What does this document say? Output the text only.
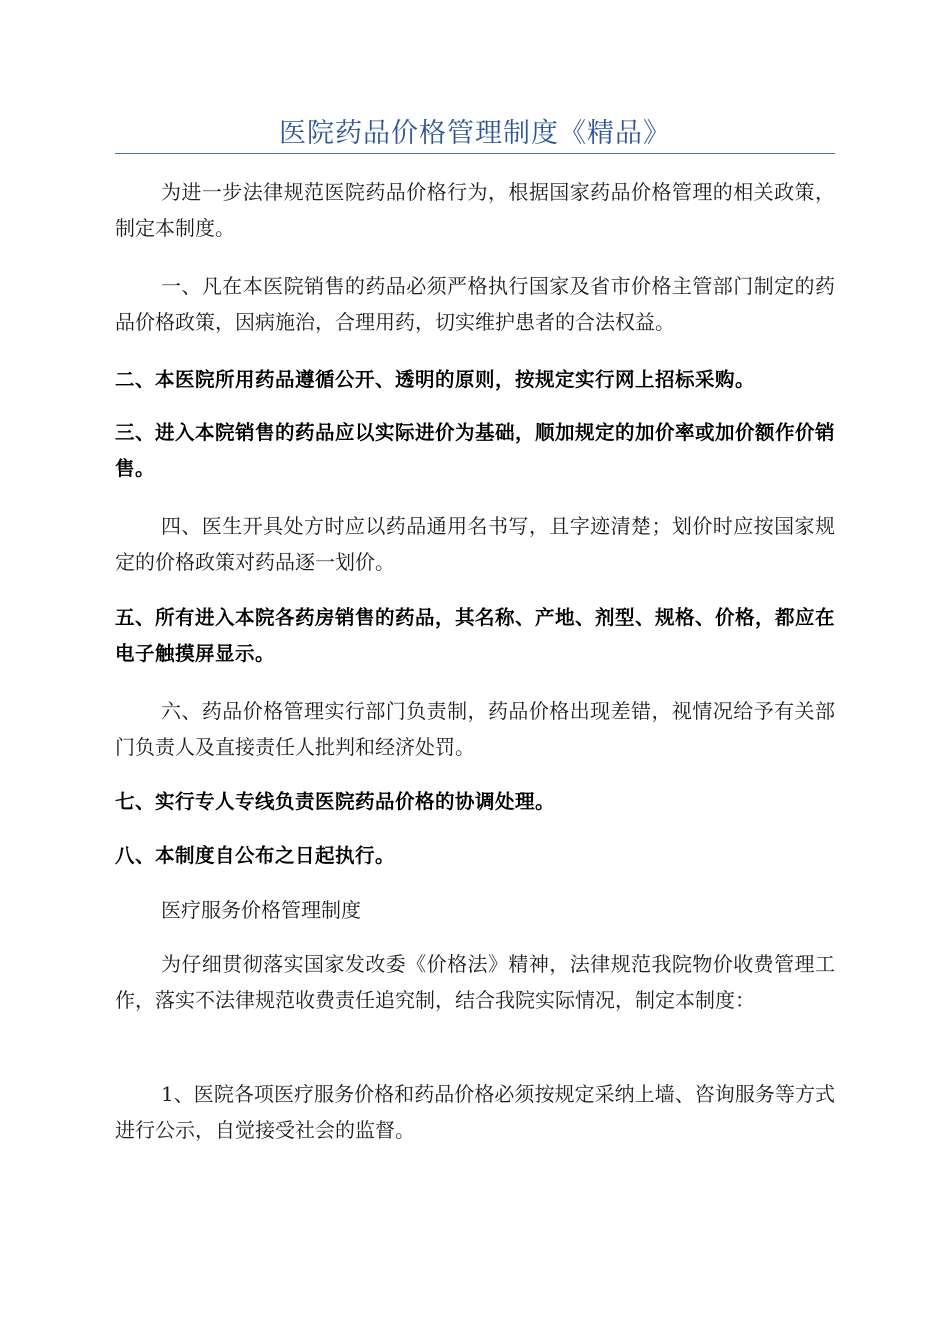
医院药品价格管理制度《精品》

为进一步法律规范医院药品价格行为，根据国家药品价格管理的相关政策，制定本制度。

一、凡在本医院销售的药品必须严格执行国家及省市价格主管部门制定的药品价格政策，因病施治，合理用药，切实维护患者的合法权益。

二、本医院所用药品遵循公开、透明的原则，按规定实行网上招标采购。

三、进入本院销售的药品应以实际进价为基础，顺加规定的加价率或加价额作价销售。

四、医生开具处方时应以药品通用名书写，且字迹清楚；划价时应按国家规定的价格政策对药品逐一划价。

五、所有进入本院各药房销售的药品，其名称、产地、剂型、规格、价格，都应在电子触摸屏显示。

六、药品价格管理实行部门负责制，药品价格出现差错，视情况给予有关部门负责人及直接责任人批判和经济处罚。

七、实行专人专线负责医院药品价格的协调处理。

八、本制度自公布之日起执行。

医疗服务价格管理制度

为仔细贯彻落实国家发改委《价格法》精神，法律规范我院物价收费管理工作，落实不法律规范收费责任追究制，结合我院实际情况，制定本制度：

1、医院各项医疗服务价格和药品价格必须按规定采纳上墙、咨询服务等方式进行公示，自觉接受社会的监督。
